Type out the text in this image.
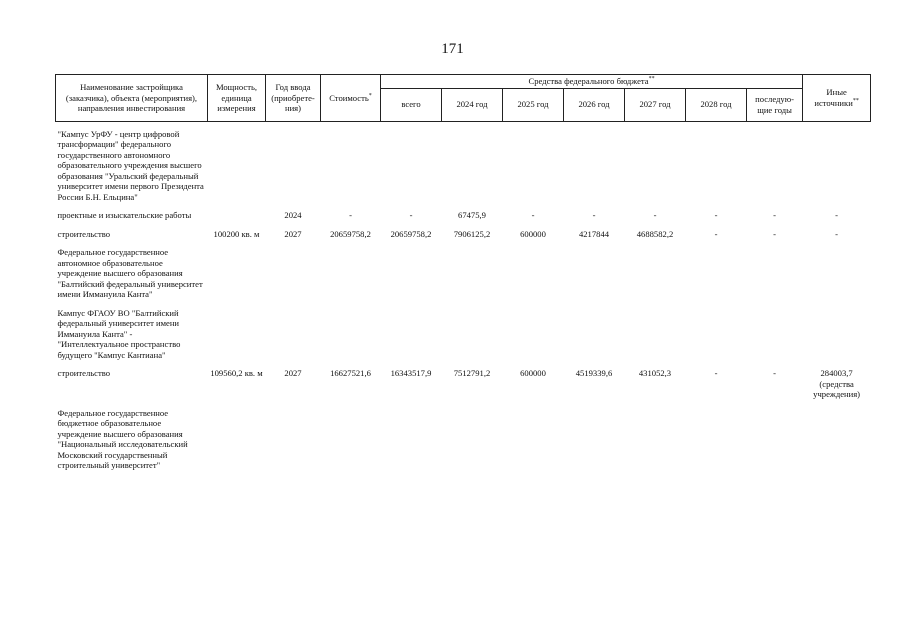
171
Наименование застройщика (заказчика), объекта (мероприятия), направления инвестирования	Мощность, единица измерения	Год ввода (приобрете-ния)	Стоимость*	Средства федерального бюджета**							Иные источники**
				всего	2024 год	2025 год	2026 год	2027 год	2028 год	последую-щие годы	

"Кампус УрФУ - центр цифровой трансформации" федерального государственного автономного образовательного учреждения высшего образования "Уральский федеральный университет имени первого Президента России Б.Н. Ельцина"											

проектные и изыскательские работы		2024	-	-	67475,9	-	-	-	-	-	-

строительство	100200 кв. м	2027	20659758,2	20659758,2	7906125,2	600000	4217844	4688582,2	-	-	-

Федеральное государственное автономное образовательное учреждение высшего образования "Балтийский федеральный университет имени Иммануила Канта"											

Кампус ФГАОУ ВО "Балтийский федеральный университет имени Иммануила Канта" - "Интеллектуальное пространство будущего "Кампус Кантиана"											

строительство	109560,2 кв. м	2027	16627521,6	16343517,9	7512791,2	600000	4519339,6	431052,3	-	-	284003,7 (средства учреждения)

Федеральное государственное бюджетное образовательное учреждение высшего образования "Национальный исследовательский Московский государственный строительный университет"											
